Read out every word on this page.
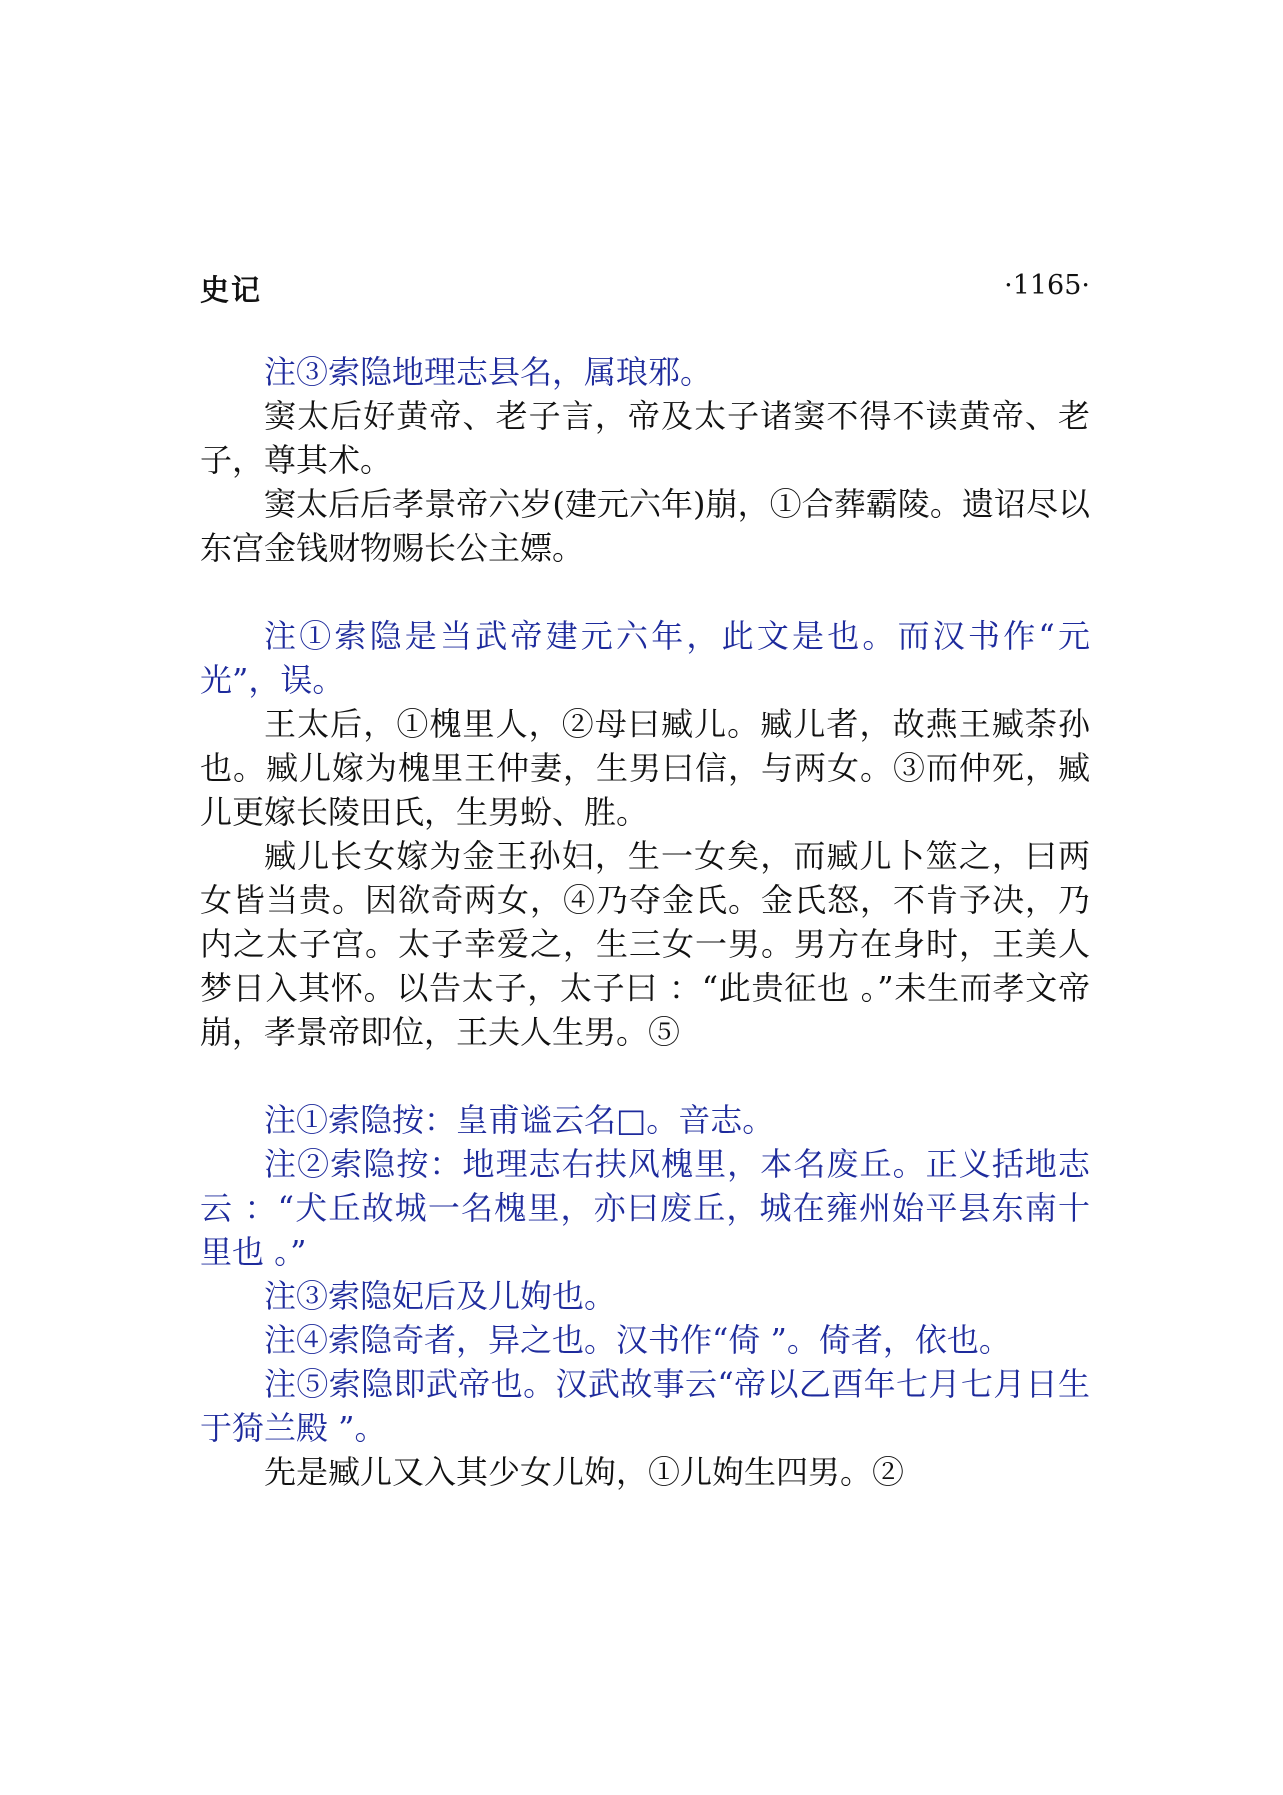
史记	·1165·

注③索隐地理志县名，属琅邪。

窦太后好黄帝、老子言，帝及太子诸窦不得不读黄帝、老子，尊其术。

窦太后后孝景帝六岁(建元六年)崩，①合葬霸陵。遗诏尽以东宫金钱财物赐长公主嫖。

注①索隐是当武帝建元六年，此文是也。而汉书作“元光”，误。

王太后，①槐里人，②母曰臧儿。臧儿者，故燕王臧荼孙也。臧儿嫁为槐里王仲妻，生男曰信，与两女。③而仲死，臧儿更嫁长陵田氏，生男蚡、胜。

臧儿长女嫁为金王孙妇，生一女矣，而臧儿卜筮之，曰两女皆当贵。因欲奇两女，④乃夺金氏。金氏怒，不肯予决，乃内之太子宫。太子幸爱之，生三女一男。男方在身时，王美人梦日入其怀。以告太子，太子曰 ：“此贵征也 。”未生而孝文帝崩，孝景帝即位，王夫人生男。⑤

注①索隐按：皇甫谧云名□。音志。

注②索隐按：地理志右扶风槐里，本名废丘。正义括地志云 ：“犬丘故城一名槐里，亦曰废丘，城在雍州始平县东南十里也 。”

注③索隐妃后及儿姁也。

注④索隐奇者，异之也。汉书作“倚 ”。倚者，依也。

注⑤索隐即武帝也。汉武故事云“帝以乙酉年七月七月日生于猗兰殿 ”。

先是臧儿又入其少女儿姁，①儿姁生四男。②
